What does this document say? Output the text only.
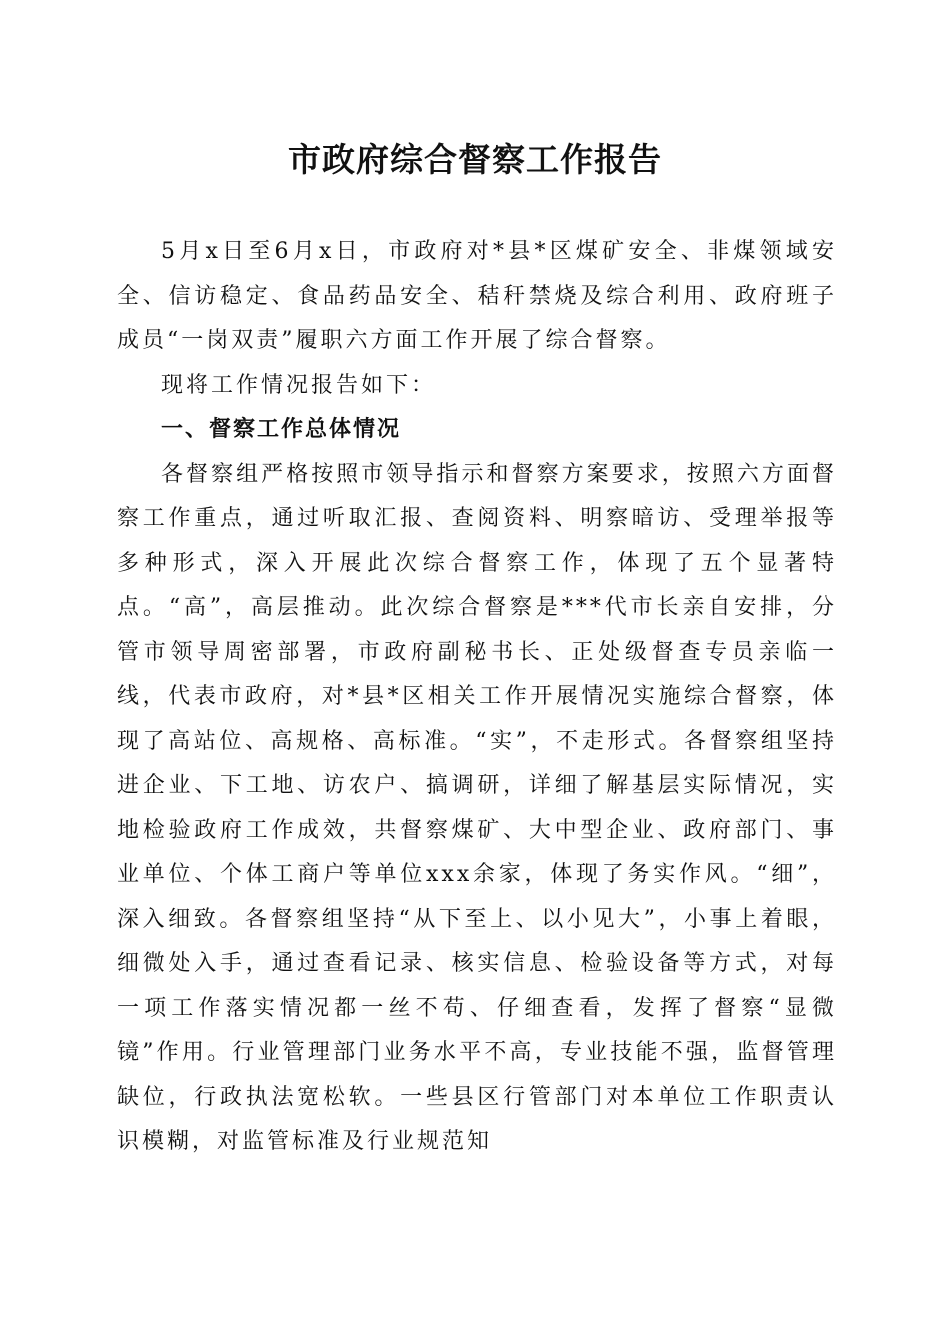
市政府综合督察工作报告

5月x日至6月x日，市政府对*县*区煤矿安全、非煤领域安全、信访稳定、食品药品安全、秸秆禁烧及综合利用、政府班子成员“一岗双责”履职六方面工作开展了综合督察。

现将工作情况报告如下：

一、督察工作总体情况

各督察组严格按照市领导指示和督察方案要求，按照六方面督察工作重点，通过听取汇报、查阅资料、明察暗访、受理举报等多种形式，深入开展此次综合督察工作，体现了五个显著特点。“高”，高层推动。此次综合督察是***代市长亲自安排，分管市领导周密部署，市政府副秘书长、正处级督查专员亲临一线，代表市政府，对*县*区相关工作开展情况实施综合督察，体现了高站位、高规格、高标准。“实”，不走形式。各督察组坚持进企业、下工地、访农户、搞调研，详细了解基层实际情况，实地检验政府工作成效，共督察煤矿、大中型企业、政府部门、事业单位、个体工商户等单位xxx余家，体现了务实作风。“细”，深入细致。各督察组坚持“从下至上、以小见大”，小事上着眼，细微处入手，通过查看记录、核实信息、检验设备等方式，对每一项工作落实情况都一丝不苟、仔细查看，发挥了督察“显微镜”作用。行业管理部门业务水平不高，专业技能不强，监督管理缺位，行政执法宽松软。一些县区行管部门对本单位工作职责认识模糊，对监管标准及行业规范知
